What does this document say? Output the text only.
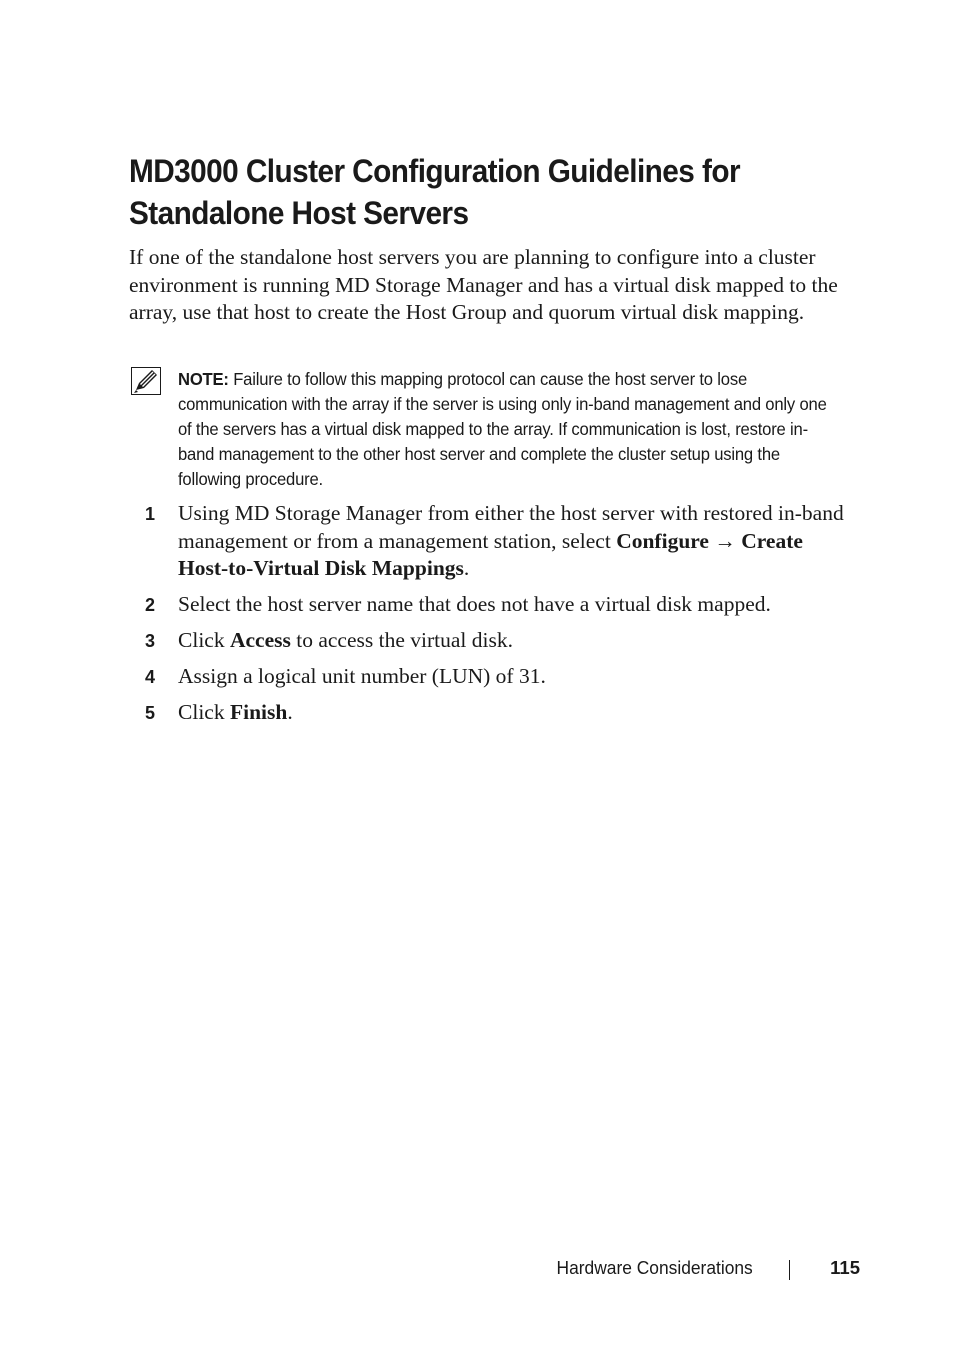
MD3000 Cluster Configuration Guidelines for Standalone Host Servers

If one of the standalone host servers you are planning to configure into a cluster environment is running MD Storage Manager and has a virtual disk mapped to the array, use that host to create the Host Group and quorum virtual disk mapping.

NOTE: Failure to follow this mapping protocol can cause the host server to lose communication with the array if the server is using only in-band management and only one of the servers has a virtual disk mapped to the array. If communication is lost, restore in-band management to the other host server and complete the cluster setup using the following procedure.

1 Using MD Storage Manager from either the host server with restored in-band management or from a management station, select Configure → Create Host-to-Virtual Disk Mappings.
2 Select the host server name that does not have a virtual disk mapped.
3 Click Access to access the virtual disk.
4 Assign a logical unit number (LUN) of 31.
5 Click Finish.
Hardware Considerations	115
